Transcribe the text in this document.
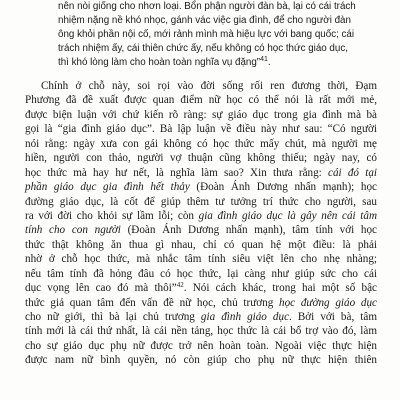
nên nòi giống cho nhơn loại. Bổn phận người đàn bà, lại có cái trách
nhiệm nặng nề khó nhọc, gánh vác việc gia đình, để cho người đàn
ông khỏi phần nội cố, mới rảnh mình mà hiệu lực với bang quốc; cái
trách nhiệm ấy, cái thiên chức ấy, nếu không có học thức giáo dục,
thì khó lòng làm cho hoàn toàn nghĩa vụ đặng”$^{41}$.
Chính ở chỗ này, soi rọi vào đời sống rối ren đương thời, Đạm
Phương đã đề xuất được quan điểm nữ học có thể nói là rất mới mẻ,
được biện luận với chứ kiến rõ ràng: sự giáo dục trong gia đình mà bà
gọi là “gia đình giáo dục”. Bà lập luận về điều này như sau: “Có người
nói rằng: ngày xưa con gái không có học thức mấy chút, mà người mẹ
hiền, người con thảo, người vợ thuận cũng không thiếu; ngày nay, có
học thức mà hay hư nết, là nghĩa làm sao? Xin thưa rằng: cái đó tại
phần giáo dục gia đình hết thảy (Đoàn Ánh Dương nhấn mạnh); học
đường giáo dục, là cốt để giúp thêm tư tưởng trí thức cho người, sau
ra với đời cho khỏi sự lầm lỗi; còn gia đình giáo dục là gây nên cái tâm
tính cho con người (Đoàn Ánh Dương nhấn mạnh), tâm tính với học
thức thật không ăn thua gì nhau, chỉ có quan hệ một điều: là phải
nhờ ở chỗ học thức, mà nhắc tâm tính siêu việt lên cho nhẹ nhàng;
nếu tâm tính đã hỏng đâu có học thức, lại càng như giúp sức cho cái
dục vọng lên cao đó mà thôi”$^{42}$. Nói cách khác, trong hai một số bậc
thức giả quan tâm đến vấn đề nữ học, chủ trương học đường giáo dục
cho nữ giới, thì bà lại chủ trương gia đình giáo dục. Bởi với bà, tâm
tính mới là cái thứ nhất, là cái nền tảng, học thức là cái bổ trợ vào đó, làm
cho sự giáo dục phụ nữ được trở nên hoàn toàn. Ngoài việc thực hiện
được nam nữ bình quyền, nó còn giúp cho phụ nữ thực hiện thiên
